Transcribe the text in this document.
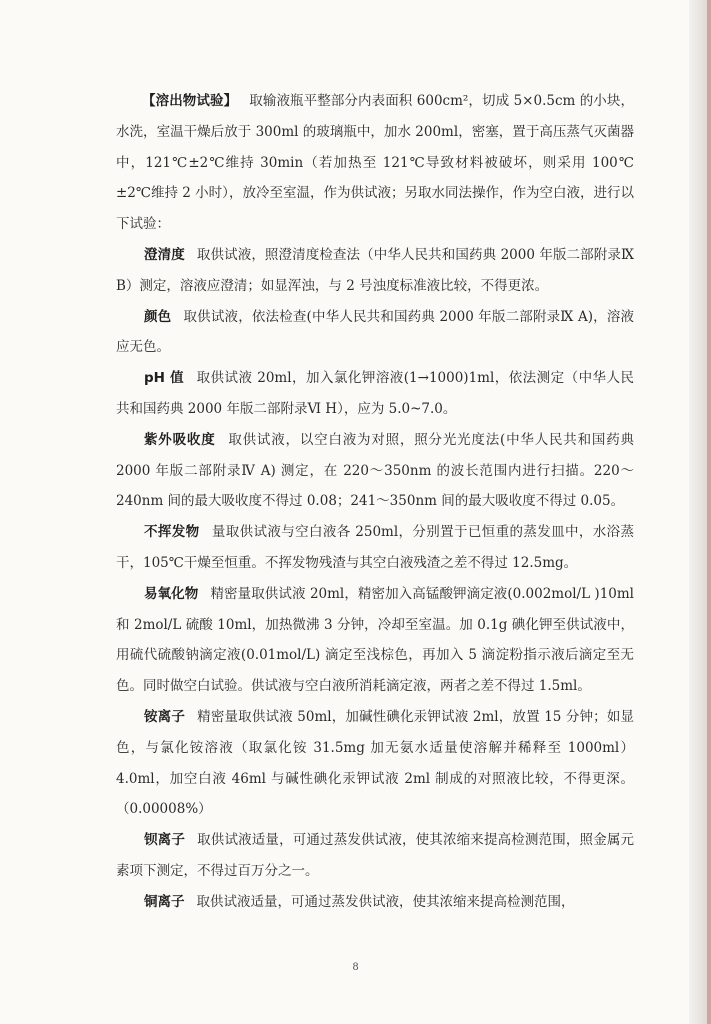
【溶出物试验】 取输液瓶平整部分内表面积 600cm²，切成 5×0.5cm 的小块，水洗，室温干燥后放于 300ml 的玻璃瓶中，加水 200ml，密塞，置于高压蒸气灭菌器中，121℃±2℃维持 30min（若加热至 121℃导致材料被破坏，则采用 100℃±2℃维持 2 小时），放冷至室温，作为供试液；另取水同法操作，作为空白液，进行以下试验：

澄清度 取供试液，照澄清度检查法（中华人民共和国药典 2000 年版二部附录Ⅸ B）测定，溶液应澄清；如显浑浊，与 2 号浊度标准液比较，不得更浓。

颜色 取供试液，依法检查(中华人民共和国药典 2000 年版二部附录Ⅸ A)，溶液应无色。

pH 值 取供试液 20ml，加入氯化钾溶液(1→1000)1ml，依法测定（中华人民共和国药典 2000 年版二部附录Ⅵ H），应为 5.0~7.0。

紫外吸收度 取供试液，以空白液为对照，照分光光度法(中华人民共和国药典 2000 年版二部附录Ⅳ A) 测定，在 220～350nm 的波长范围内进行扫描。220～240nm 间的最大吸收度不得过 0.08；241～350nm 间的最大吸收度不得过 0.05。

不挥发物 量取供试液与空白液各 250ml，分别置于已恒重的蒸发皿中，水浴蒸干，105℃干燥至恒重。不挥发物残渣与其空白液残渣之差不得过 12.5mg。

易氧化物 精密量取供试液 20ml，精密加入高锰酸钾滴定液(0.002mol/L )10ml 和 2mol/L 硫酸 10ml，加热微沸 3 分钟，冷却至室温。加 0.1g 碘化钾至供试液中，用硫代硫酸钠滴定液(0.01mol/L) 滴定至浅棕色，再加入 5 滴淀粉指示液后滴定至无色。同时做空白试验。供试液与空白液所消耗滴定液，两者之差不得过 1.5ml。

铵离子 精密量取供试液 50ml，加碱性碘化汞钾试液 2ml，放置 15 分钟；如显色，与氯化铵溶液（取氯化铵 31.5mg 加无氨水适量使溶解并稀释至 1000ml）4.0ml，加空白液 46ml 与碱性碘化汞钾试液 2ml 制成的对照液比较，不得更深。（0.00008%）

钡离子 取供试液适量，可通过蒸发供试液，使其浓缩来提高检测范围，照金属元素项下测定，不得过百万分之一。

铜离子 取供试液适量，可通过蒸发供试液，使其浓缩来提高检测范围，

8
